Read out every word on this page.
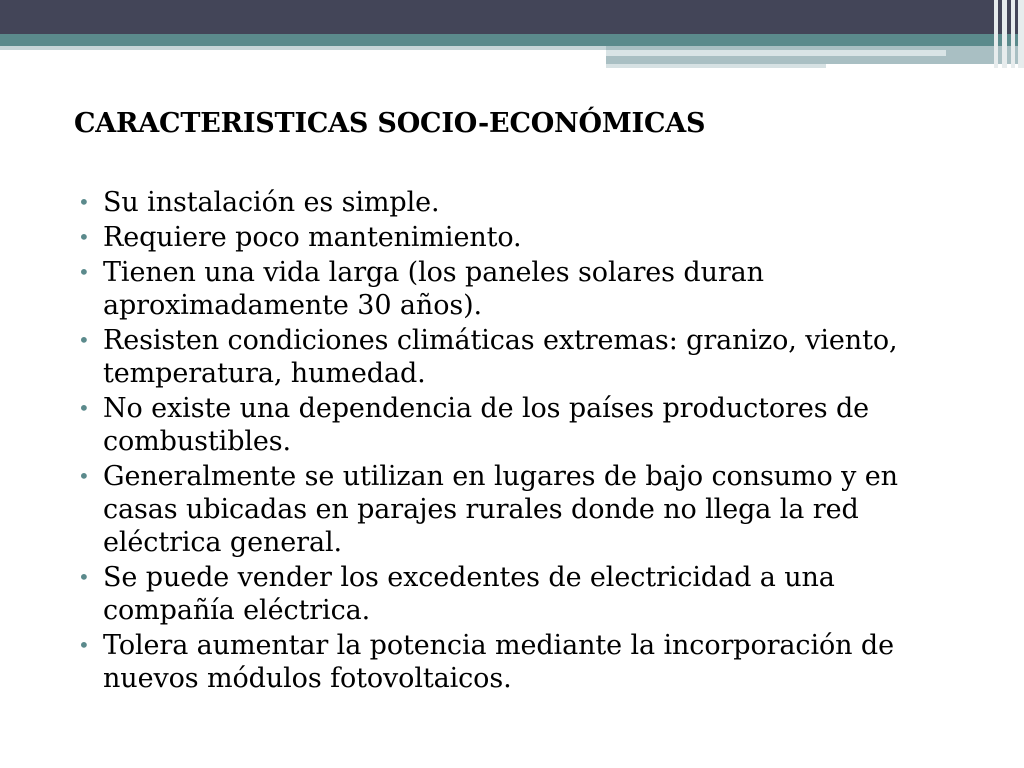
CARACTERISTICAS SOCIO-ECONÓMICAS
• Su instalación es simple.
• Requiere poco mantenimiento.
• Tienen una vida larga (los paneles solares duran aproximadamente 30 años).
• Resisten condiciones climáticas extremas: granizo, viento, temperatura, humedad.
• No existe una dependencia de los países productores de combustibles.
• Generalmente se utilizan en lugares de bajo consumo y en casas ubicadas en parajes rurales donde no llega la red eléctrica general.
• Se puede vender los excedentes de electricidad a una compañía eléctrica.
• Tolera aumentar la potencia mediante la incorporación de nuevos módulos fotovoltaicos.
